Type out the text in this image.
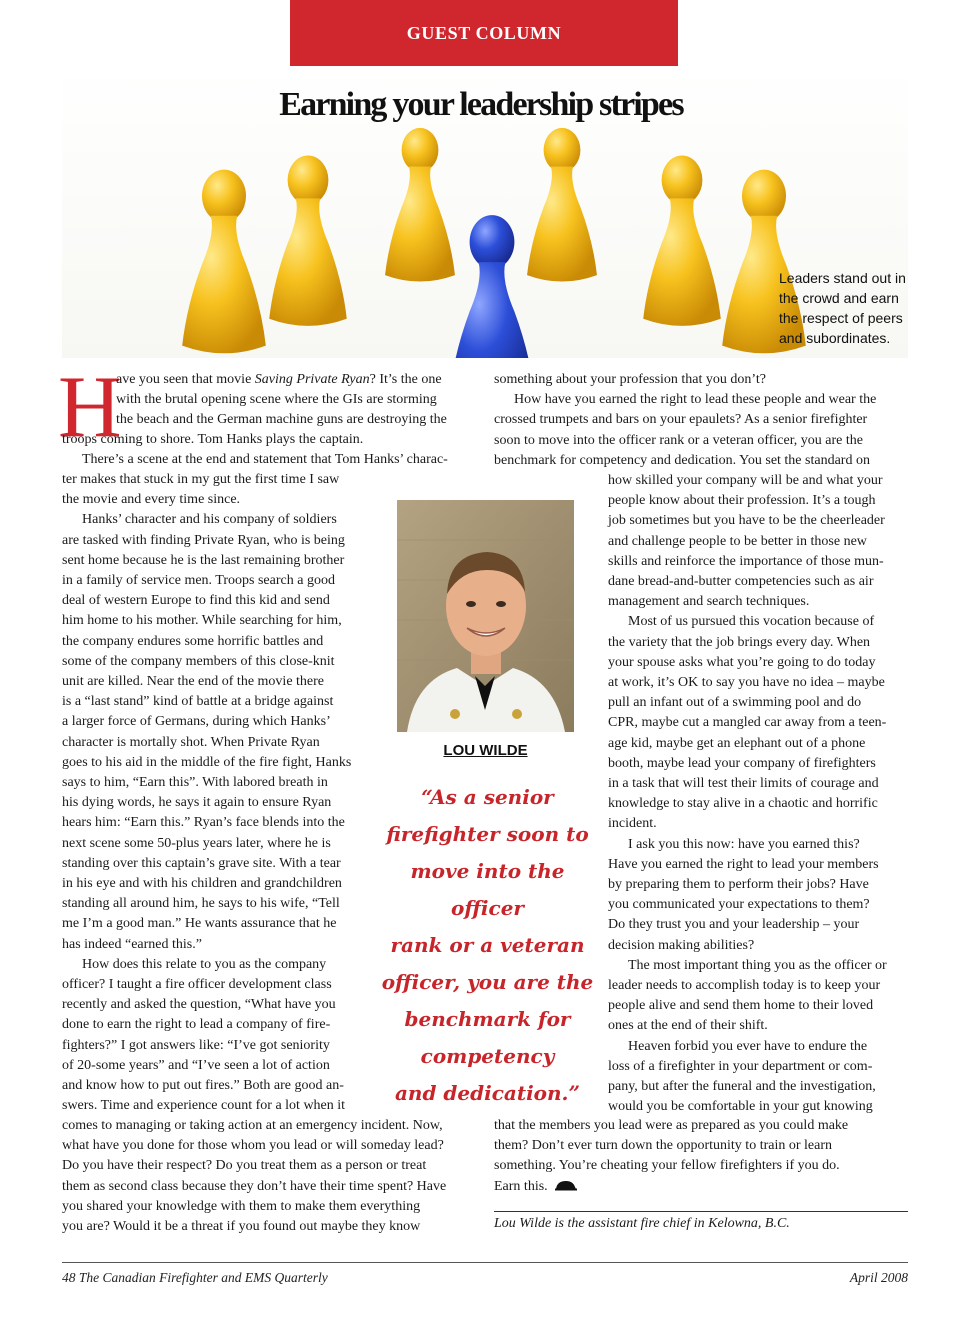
GUEST COLUMN
Earning your leadership stripes
Leaders stand out in
the crowd and earn
the respect of peers
and subordinates.
H

ave you seen that movie Saving Private Ryan? It’s the one

with the brutal opening scene where the GIs are storming

the beach and the German machine guns are destroying the

troops coming to shore. Tom Hanks plays the captain.

There’s a scene at the end and statement that Tom Hanks’ charac-

ter makes that stuck in my gut the first time I saw

the movie and every time since.

Hanks’ character and his company of soldiers

are tasked with finding Private Ryan, who is being

sent home because he is the last remaining brother

in a family of service men. Troops search a good

deal of western Europe to find this kid and send

him home to his mother. While searching for him,

the company endures some horrific battles and

some of the company members of this close-knit

unit are killed. Near the end of the movie there

is a “last stand” kind of battle at a bridge against

a larger force of Germans, during which Hanks’

character is mortally shot. When Private Ryan

goes to his aid in the middle of the fire fight, Hanks

says to him, “Earn this”. With labored breath in

his dying words, he says it again to ensure Ryan

hears him: “Earn this.” Ryan’s face blends into the

next scene some 50-plus years later, where he is

standing over this captain’s grave site. With a tear

in his eye and with his children and grandchildren

standing all around him, he says to his wife, “Tell

me I’m a good man.” He wants assurance that he

has indeed “earned this.”

How does this relate to you as the company

officer? I taught a fire officer development class

recently and asked the question, “What have you

done to earn the right to lead a company of fire-

fighters?” I got answers like: “I’ve got seniority

of 20-some years” and “I’ve seen a lot of action

and know how to put out fires.” Both are good an-

swers. Time and experience count for a lot when it

comes to managing or taking action at an emergency incident. Now,

what have you done for those whom you lead or will someday lead?

Do you have their respect? Do you treat them as a person or treat

them as second class because they don’t have their time spent? Have

you shared your knowledge with them to make them everything

you are? Would it be a threat if you found out maybe they know

something about your profession that you don’t?

How have you earned the right to lead these people and wear the

crossed trumpets and bars on your epaulets? As a senior firefighter

soon to move into the officer rank or a veteran officer, you are the

benchmark for competency and dedication. You set the standard on

how skilled your company will be and what your

people know about their profession. It’s a tough

job sometimes but you have to be the cheerleader

and challenge people to be better in those new

skills and reinforce the importance of those mun-

dane bread-and-butter competencies such as air

management and search techniques.

Most of us pursued this vocation because of

the variety that the job brings every day. When

your spouse asks what you’re going to do today

at work, it’s OK to say you have no idea – maybe

pull an infant out of a swimming pool and do

CPR, maybe cut a mangled car away from a teen-

age kid, maybe get an elephant out of a phone

booth, maybe lead your company of firefighters

in a task that will test their limits of courage and

knowledge to stay alive in a chaotic and horrific

incident.

I ask you this now: have you earned this?

Have you earned the right to lead your members

by preparing them to perform their jobs? Have

you communicated your expectations to them?

Do they trust you and your leadership – your

decision making abilities?

The most important thing you as the officer or

leader needs to accomplish today is to keep your

people alive and send them home to their loved

ones at the end of their shift.

Heaven forbid you ever have to endure the

loss of a firefighter in your department or com-

pany, but after the funeral and the investigation,

would you be comfortable in your gut knowing

that the members you lead were as prepared as you could make

them? Don’t ever turn down the opportunity to train or learn

something. You’re cheating your fellow firefighters if you do.

Earn this.

LOU WILDE
“As a senior
firefighter soon to
move into the officer
rank or a veteran
officer, you are the
benchmark for
competency
and dedication.”
Lou Wilde is the assistant fire chief in Kelowna, B.C.
48 The Canadian Firefighter and EMS Quarterly	April 2008
